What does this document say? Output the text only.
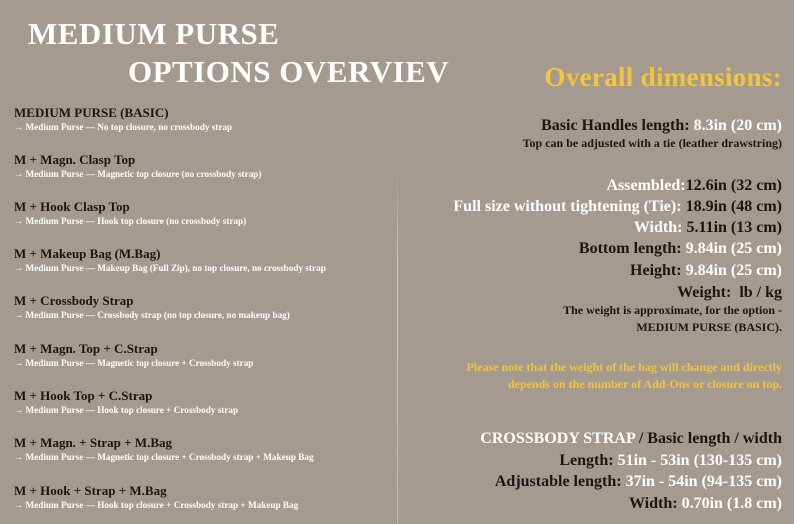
MEDIUM PURSE
OPTIONS OVERVIEV
MEDIUM PURSE (BASIC)
→ Medium Purse — No top closure, no crossbody strap
M + Magn. Clasp Top
→ Medium Purse — Magnetic top closure (no crossbody strap)
M + Hook Clasp Top
→ Medium Purse — Hook top closure (no crossbody strap)
M + Makeup Bag (M.Bag)
→ Medium Purse — Makeup Bag (Full Zip), no top closure, no crossbody strap
M + Crossbody Strap
→ Medium Purse — Crossbody strap (no top closure, no makeup bag)
M + Magn. Top + C.Strap
→ Medium Purse — Magnetic top closure + Crossbody strap
M + Hook Top + C.Strap
→ Medium Purse — Hook top closure + Crossbody strap
M + Magn. + Strap + M.Bag
→ Medium Purse — Magnetic top closure + Crossbody strap + Makeup Bag
M + Hook + Strap + M.Bag
→ Medium Purse — Hook top closure + Crossbody strap + Makeup Bag
Overall dimensions:
Basic Handles length: 8.3in (20 cm)
Top can be adjusted with a tie (leather drawstring)
Assembled:12.6in (32 cm)
Full size without tightening (Tie): 18.9in (48 cm)
Width: 5.11in (13 cm)
Bottom length: 9.84in (25 cm)
Height: 9.84in (25 cm)
Weight: lb / kg
The weight is approximate, for the option -
MEDIUM PURSE (BASIC).
Please note that the weight of the bag will change and directly
depends on the number of Add-Ons or closure on top.
CROSSBODY STRAP / Basic length / width
Length: 51in - 53in (130-135 cm)
Adjustable length: 37in - 54in (94-135 cm)
Width: 0.70in (1.8 cm)
